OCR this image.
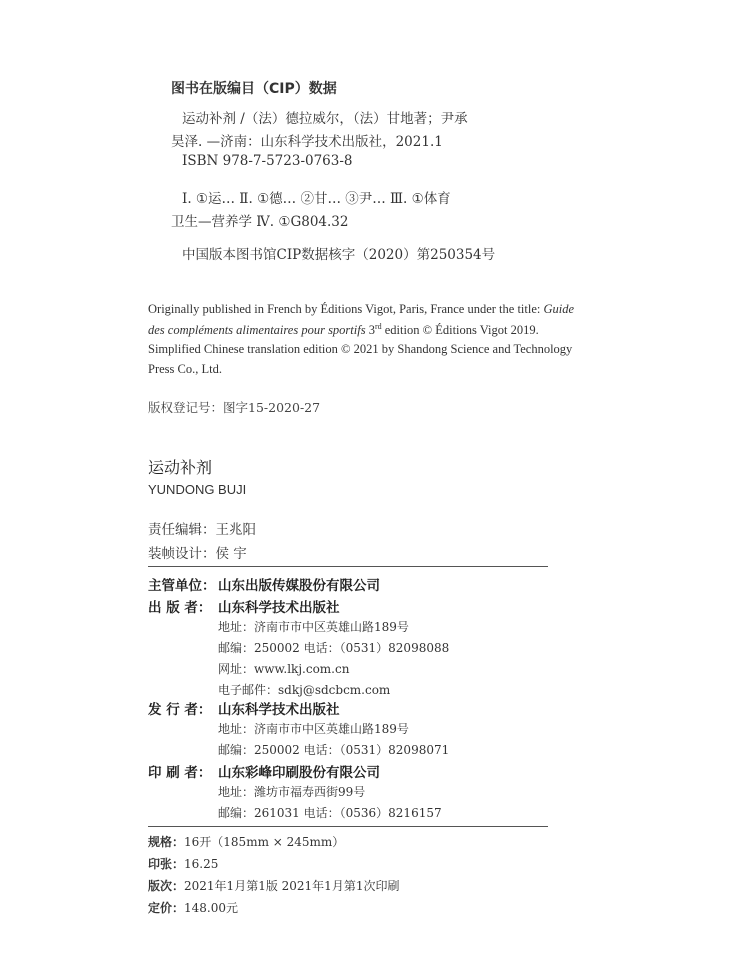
图书在版编目（CIP）数据
运动补剂 /（法）德拉威尔，（法）甘地著；尹承
昊泽. —济南：山东科学技术出版社，2021.1
ISBN 978-7-5723-0763-8
Ⅰ. ①运… Ⅱ. ①德… ②甘… ③尹… Ⅲ. ①体育
卫生—营养学 Ⅳ. ①G804.32
中国版本图书馆CIP数据核字（2020）第250354号
Originally published in French by Éditions Vigot, Paris, France under the title: Guide
des compléments alimentaires pour sportifs 3rd edition © Éditions Vigot 2019.
Simplified Chinese translation edition © 2021 by Shandong Science and Technology
Press Co., Ltd.
版权登记号：图字15-2020-27
运动补剂
YUNDONG BUJI
责任编辑：王兆阳
装帧设计：侯 宇
主管单位： 山东出版传媒股份有限公司
出 版 者： 山东科学技术出版社
地址：济南市市中区英雄山路189号
邮编：250002 电话：（0531）82098088
网址：www.lkj.com.cn
电子邮件：sdkj@sdcbcm.com
发 行 者： 山东科学技术出版社
地址：济南市市中区英雄山路189号
邮编：250002 电话：（0531）82098071
印 刷 者： 山东彩峰印刷股份有限公司
地址：潍坊市福寿西街99号
邮编：261031 电话：（0536）8216157
规格：16开（185mm × 245mm）
印张：16.25
版次：2021年1月第1版 2021年1月第1次印刷
定价：148.00元
